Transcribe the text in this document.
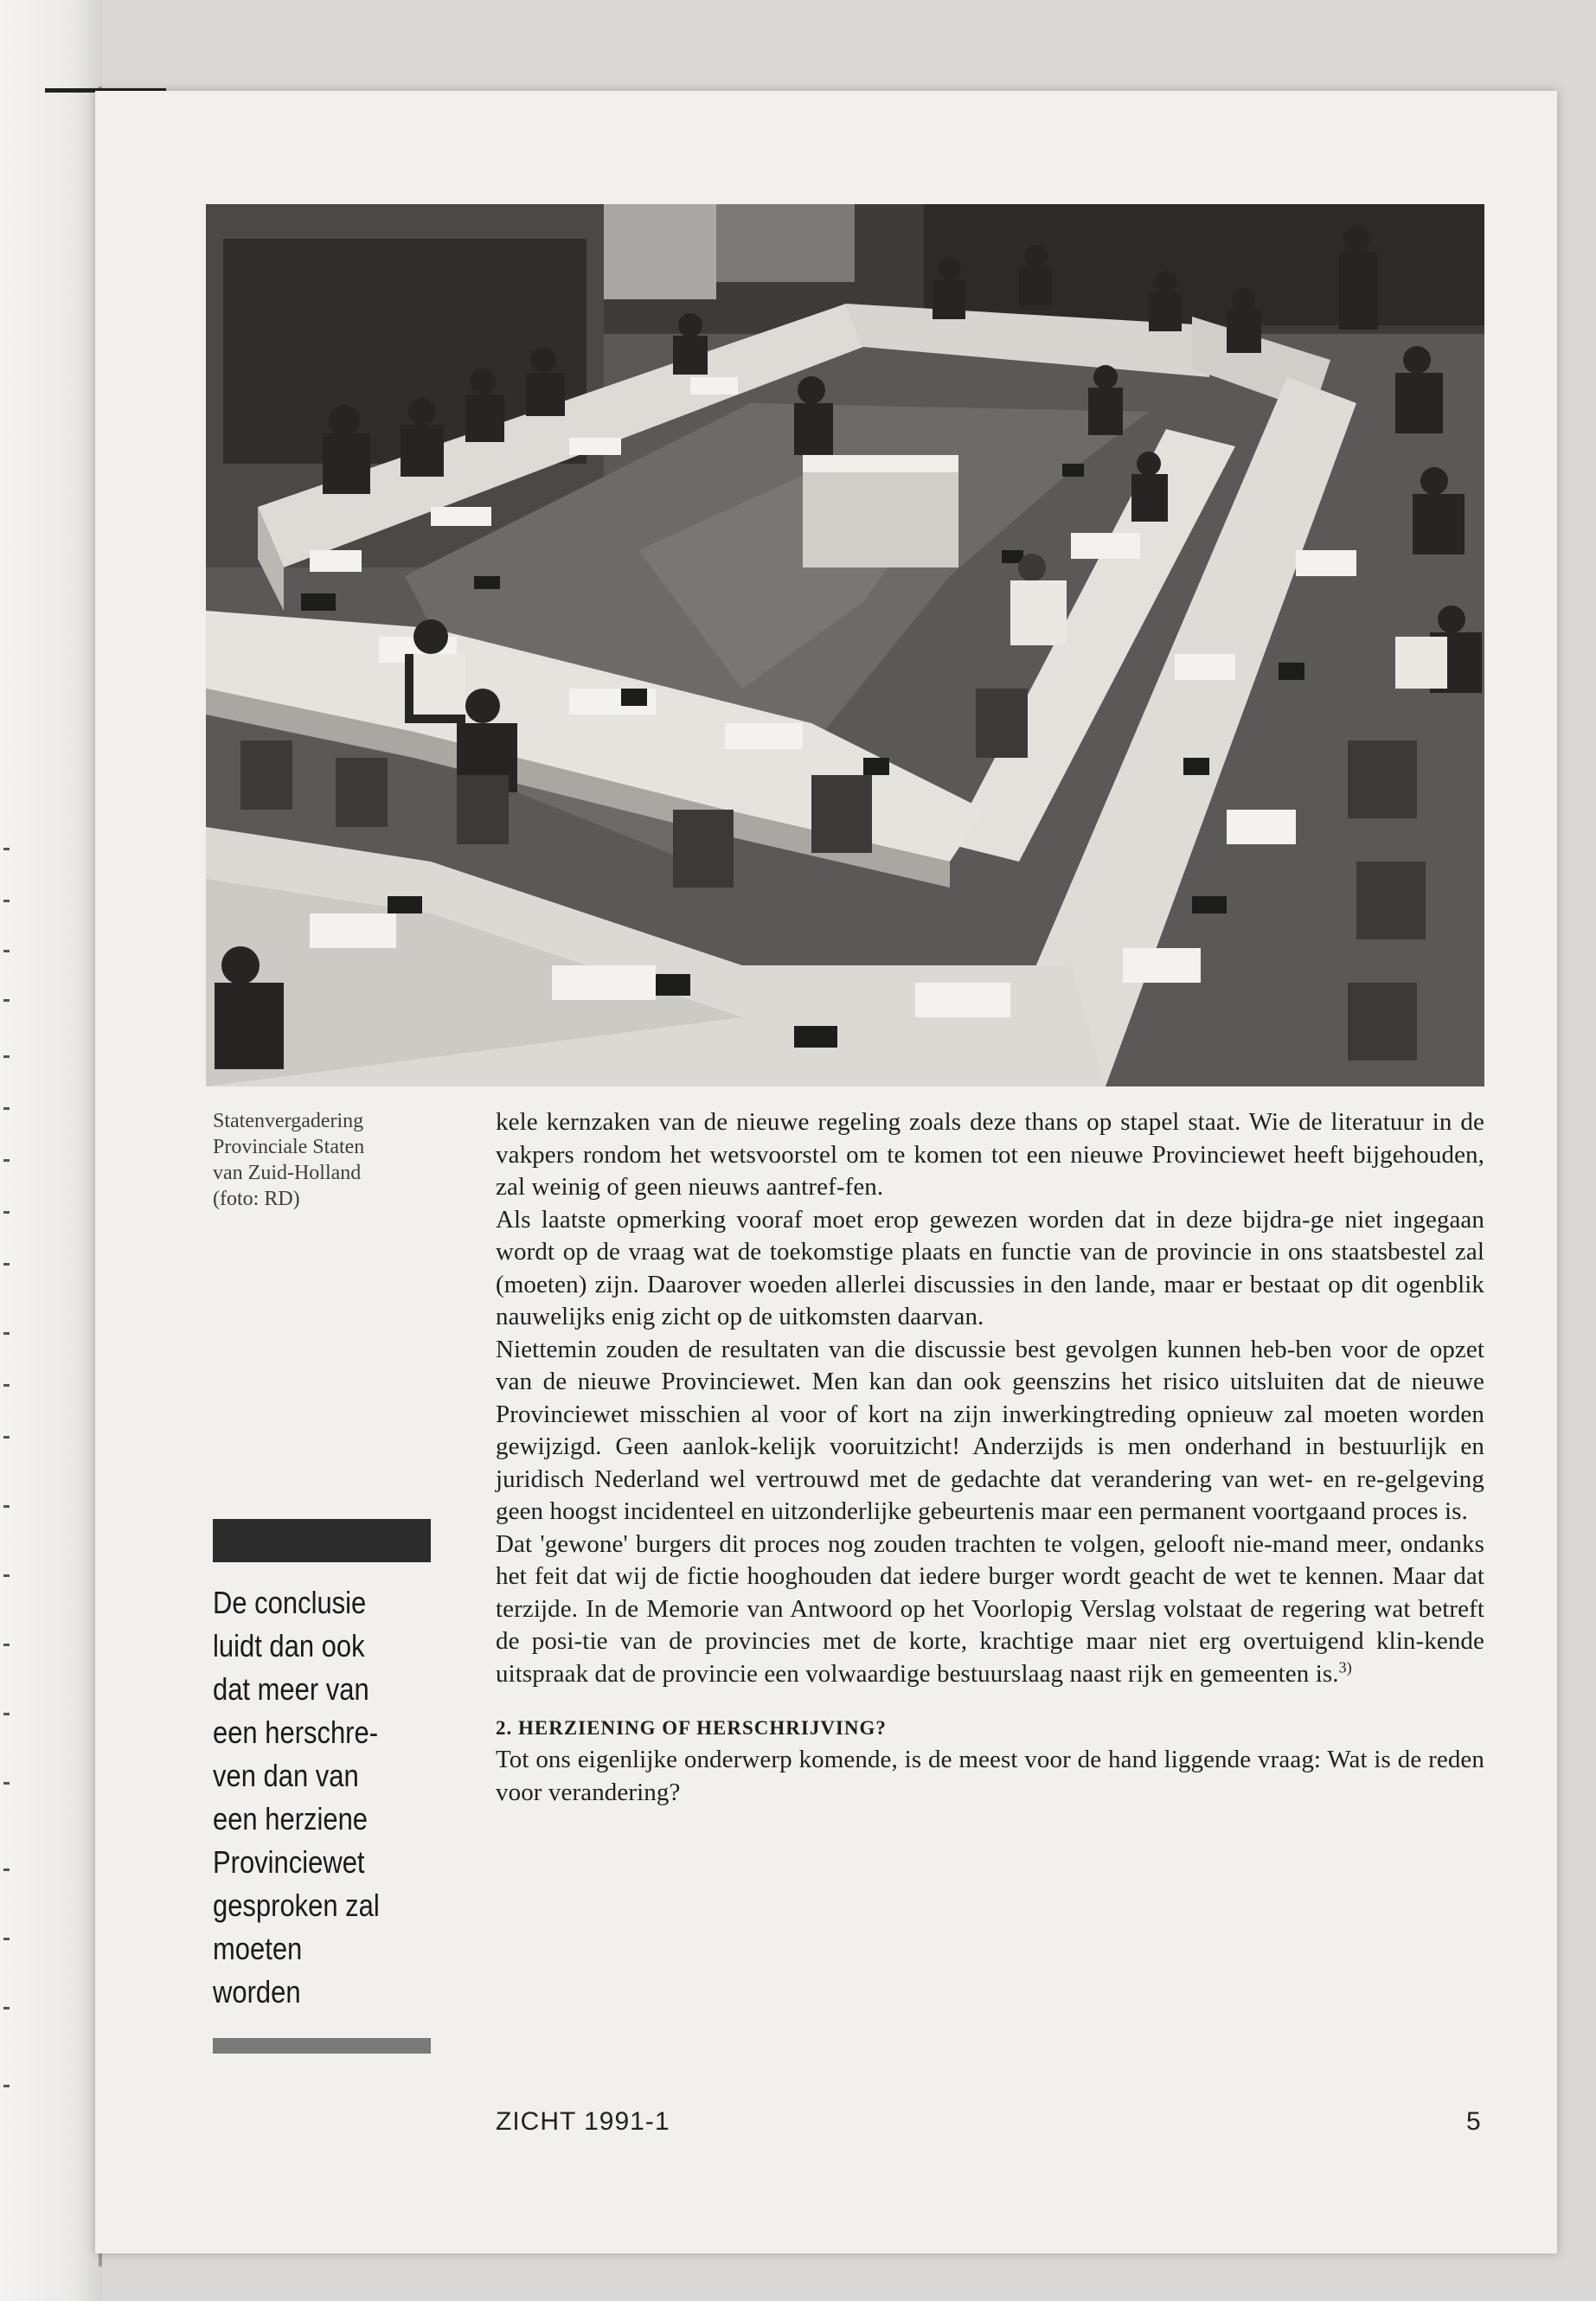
Statenvergadering
Provinciale Staten
van Zuid-Holland
(foto: RD)
De conclusie
luidt dan ook
dat meer van
een herschre-
ven dan van
een herziene
Provinciewet
gesproken zal
moeten
worden

kele kernzaken van de nieuwe regeling zoals deze thans op stapel staat. Wie de literatuur in de vakpers rondom het wetsvoorstel om te komen tot een nieuwe Provinciewet heeft bijgehouden, zal weinig of geen nieuws aantref-fen.

Als laatste opmerking vooraf moet erop gewezen worden dat in deze bijdra-ge niet ingegaan wordt op de vraag wat de toekomstige plaats en functie van de provincie in ons staatsbestel zal (moeten) zijn. Daarover woeden allerlei discussies in den lande, maar er bestaat op dit ogenblik nauwelijks enig zicht op de uitkomsten daarvan.

Niettemin zouden de resultaten van die discussie best gevolgen kunnen heb-ben voor de opzet van de nieuwe Provinciewet. Men kan dan ook geenszins het risico uitsluiten dat de nieuwe Provinciewet misschien al voor of kort na zijn inwerkingtreding opnieuw zal moeten worden gewijzigd. Geen aanlok-kelijk vooruitzicht! Anderzijds is men onderhand in bestuurlijk en juridisch Nederland wel vertrouwd met de gedachte dat verandering van wet- en re-gelgeving geen hoogst incidenteel en uitzonderlijke gebeurtenis maar een permanent voortgaand proces is.

Dat 'gewone' burgers dit proces nog zouden trachten te volgen, gelooft nie-mand meer, ondanks het feit dat wij de fictie hooghouden dat iedere burger wordt geacht de wet te kennen. Maar dat terzijde. In de Memorie van Antwoord op het Voorlopig Verslag volstaat de regering wat betreft de posi-tie van de provincies met de korte, krachtige maar niet erg overtuigend klin-kende uitspraak dat de provincie een volwaardige bestuurslaag naast rijk en gemeenten is.$^{3)}$

2. HERZIENING OF HERSCHRIJVING?

Tot ons eigenlijke onderwerp komende, is de meest voor de hand liggende vraag: Wat is de reden voor verandering?

ZICHT 1991-1	5
